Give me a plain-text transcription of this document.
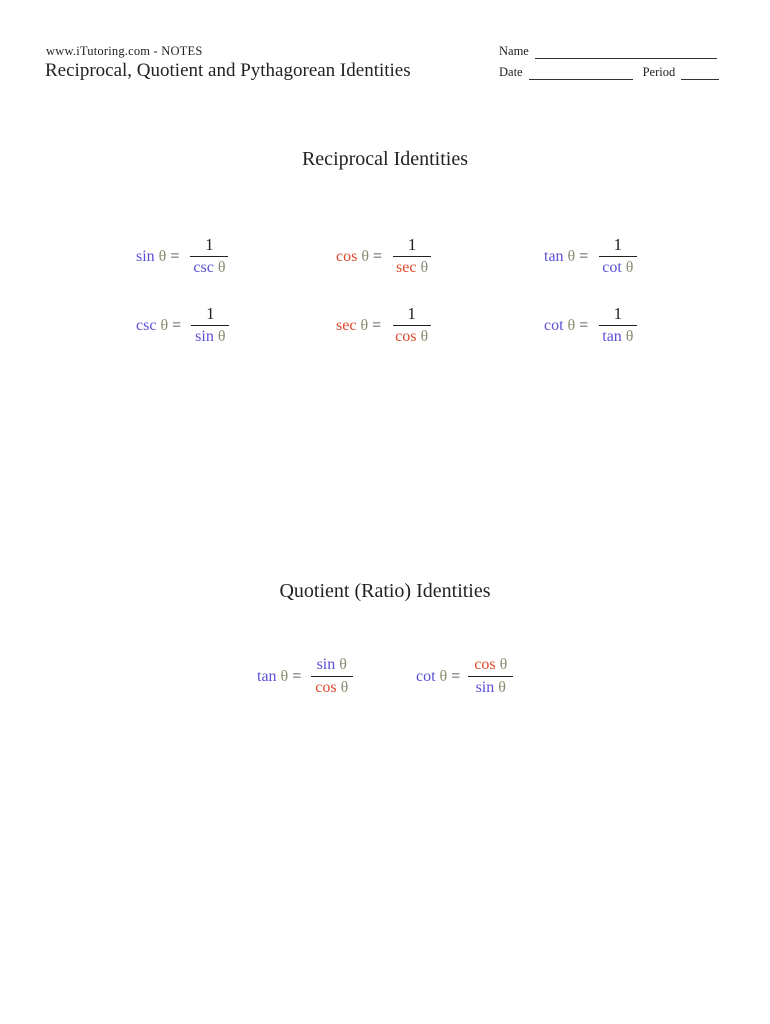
www.iTutoring.com - NOTES
Reciprocal, Quotient and Pythagorean Identities
Name
Date	Period
Reciprocal Identities
$\sin \theta = \frac{1}{\text{csc θ}}$	$\cos \theta = \frac{1}{\text{sec θ}}$	$\tan \theta = \frac{1}{\text{cot θ}}$
$\csc \theta = \frac{1}{\text{sin θ}}$	$\sec \theta = \frac{1}{\text{cos θ}}$	$\cot \theta = \frac{1}{\text{tan θ}}$
Quotient (Ratio) Identities
$\tan \theta = \frac{\text{sin θ}}{\text{cos θ}}$	$\cot \theta = \frac{\text{cos θ}}{\text{sin θ}}$
